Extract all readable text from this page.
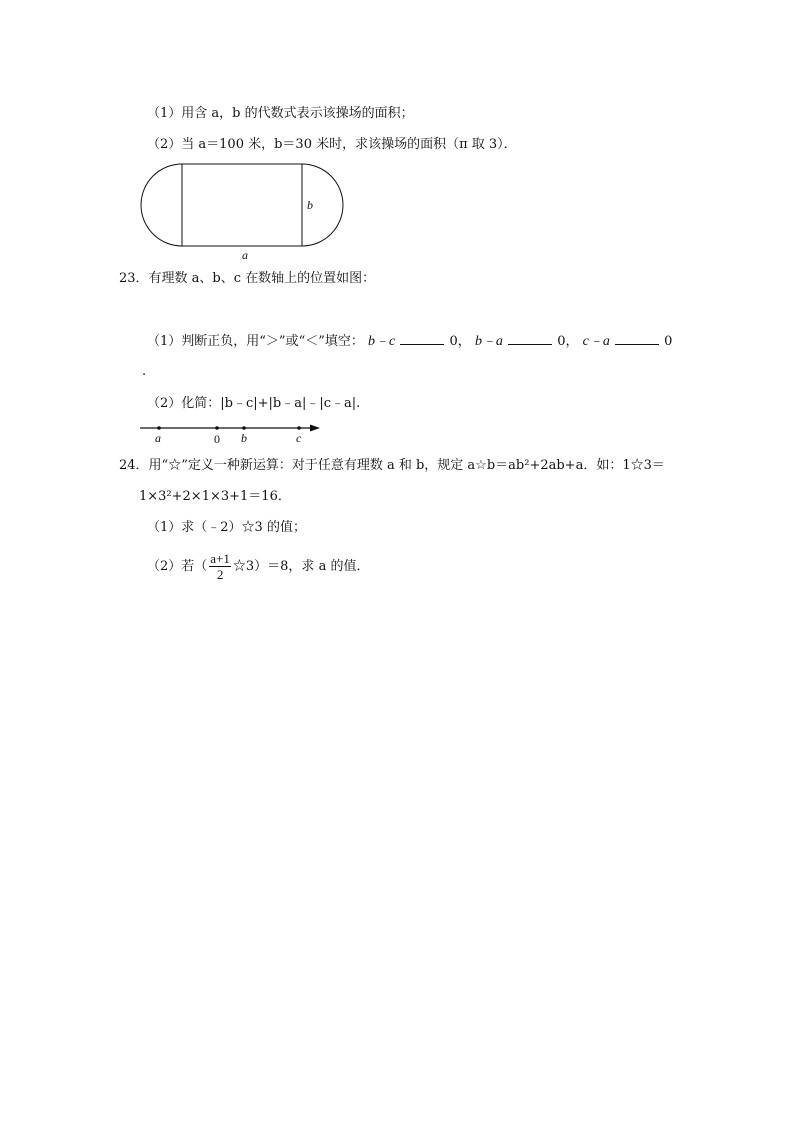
（1）用含 a，b 的代数式表示该操场的面积；
（2）当 a＝100 米，b＝30 米时，求该操场的面积（π 取 3）．
b
a
23．有理数 a、b、c 在数轴上的位置如图：
（1）判断正负，用“＞”或“＜”填空： b﹣c	0， b﹣a	0， c﹣a	0
.
（2）化简：|b﹣c|+|b﹣a|﹣|c﹣a|.
a	0 b	c
24．用“☆”定义一种新运算：对于任意有理数 a 和 b，规定 a☆b＝ab²+2ab+a．如：1☆3＝
1×3²+2×1×3+1＝16．
（1）求（﹣2）☆3 的值；
（2）若（ $\frac{a+1}{2}$ ☆3）＝8，求 a 的值．
